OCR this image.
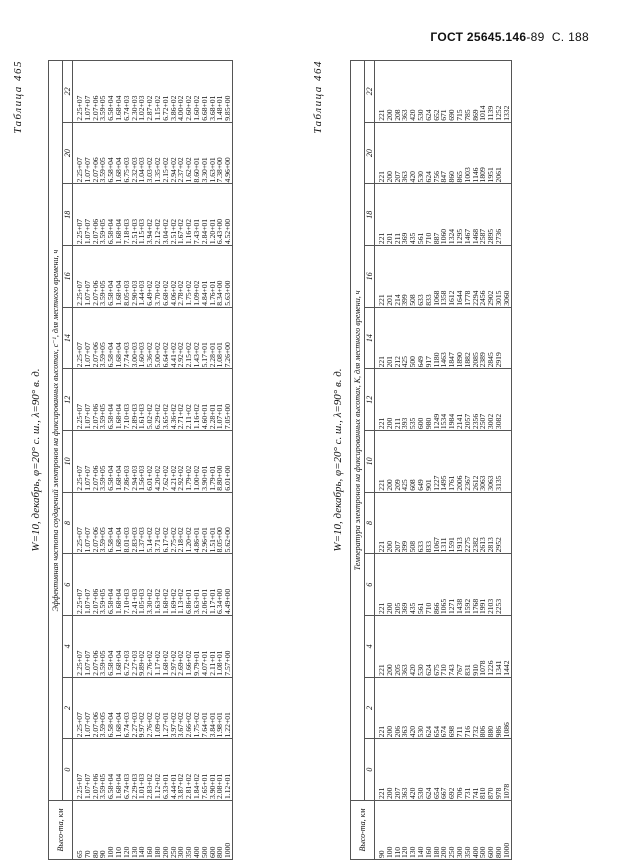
ГОСТ 25645.146-89 С. 188
Таблица 464
W=10, декабрь, φ=20° с. ш., λ=90° в. д.
Высо-та, км	Температура электронов на фиксированных высотах, К, для местного времени, ч											
	0	2	4	6	8	10	12	14	16	18	20	22
90	221	221	221	221	221	221	221	221	221	221	221	221
100	200	200	200	200	200	200	200	201	201	201	200	200
110	207	206	205	205	207	209	211	212	214	211	207	208
120	363	363	363	369	399	425	393	425	399	369	363	363
130	420	420	420	435	508	608	535	500	508	435	420	420
140	530	530	530	561	633	649	600	649	633	561	530	530
160	624	624	624	710	833	901	980	917	833	710	624	624
180	654	654	675	866	1067	1227	1249	1180	1068	887	756	652
200	667	674	710	1065	1311	1495	1534	1463	1358	1060	847	671
250	692	698	743	1271	1591	1761	1984	1847	1612	1324	860	690
300	706	711	767	1438	1913	2006	2141	1890	1644	1295	865	715
350	731	716	831	1592	2275	2367	2057	1882	1778	1467	1003	785
400	741	732	910	1768	2382	2612	2356	2085	2294	1468	1146	869
500	810	806	1078	1991	2613	3063	2507	2389	2456	2587	1809	1014
600	870	880	1226	2103	2813	3063	3002	2845	2902	2895	1951	1139
800	978	986	1341	2253	2952	3135	3082	2919	3015	2736	2061	1252
1000	1078	1086	1442						3060			1332
Таблица 465
W=10, декабрь, φ=20° с. ш., λ=90° в. д.
Высо-та, км	Эффективная частота соударений электронов на фиксированных высотах, с⁻¹, для местного времени, ч											
	0	2	4	6	8	10	12	14	16	18	20	22
65	2.25+07	2.25+07	2.25+07	2.25+07	2.25+07	2.25+07	2.25+07	2.25+07	2.25+07	2.25+07	2.25+07	2.25+07
70	1.07+07	1.07+07	1.07+07	1.07+07	1.07+07	1.07+07	1.07+07	1.07+07	1.07+07	1.07+07	1.07+07	1.07+07
80	2.07+06	2.07+06	2.07+06	2.07+06	2.07+06	2.07+06	2.07+06	2.07+06	2.07+06	2.07+06	2.07+06	2.07+06
90	3.59+05	3.59+05	3.59+05	3.59+05	3.59+05	3.59+05	3.59+05	3.59+05	3.59+05	3.59+05	3.59+05	3.59+05
100	6.58+04	6.58+04	6.58+04	6.58+04	6.58+04	6.58+04	6.58+04	6.58+04	6.58+04	6.58+04	6.58+04	6.58+04
110	1.68+04	1.68+04	1.68+04	1.68+04	1.68+04	1.68+04	1.68+04	1.68+04	1.68+04	1.68+04	1.68+04	1.68+04
120	6.74+03	6.74+03	6.72+03	7.10+03	8.01+03	7.86+03	7.10+03	7.74+03	8.05+03	7.18+03	6.75+03	6.74+03
130	2.29+03	2.27+03	2.27+03	2.41+03	2.83+03	2.94+03	2.89+03	3.00+03	2.90+03	2.51+03	2.32+03	2.30+03
140	1.01+03	9.97+02	9.89+02	1.05+03	1.37+03	1.56+03	1.61+03	1.60+03	1.44+03	1.15+03	1.04+03	1.02+03
160	2.83+02	2.76+02	2.76+02	3.30+02	5.14+02	6.01+02	5.02+02	5.36+02	6.49+02	3.94+02	3.03+02	2.87+02
180	1.12+02	1.09+02	1.17+02	1.63+02	3.71+02	4.20+02	6.29+02	5.00+02	3.70+02	2.12+02	1.35+02	1.15+02
200	6.33+01	1.27+01	1.68+02	1.68+02	6.17+02	7.62+02	3.65+02	6.64+02	6.68+02	3.04+02	2.15+02	6.72+01
250	4.44+01	3.97+02	2.97+02	1.69+02	2.75+02	4.21+02	4.36+02	4.41+02	4.06+02	2.51+02	2.94+02	3.86+02
300	3.87+02	3.67+02	2.69+02	1.13+02	2.18+02	2.92+02	2.71+02	2.92+02	2.78+02	1.67+02	2.37+02	4.00+02
350	2.81+02	2.66+02	1.66+02	6.86+01	1.20+02	1.79+02	2.11+02	2.15+02	1.75+02	1.16+02	1.62+02	2.60+02
400	1.84+02	1.75+02	9.79+01	3.63+01	4.86+01	1.00+02	1.16+02	1.43+02	1.09+02	7.43+01	8.60+01	1.60+02
500	7.65+01	7.64+01	4.07+01	2.06+01	2.96+01	3.90+01	4.60+01	5.17+01	4.84+01	2.84+01	3.30+01	6.68+01
600	3.90+01	3.84+01	2.11+01	1.17+01	1.51+01	1.79+01	2.28+01	2.28+01	1.76+01	1.20+01	1.63+01	3.68+01
800	2.08+01	1.98+01	1.08+01	6.34+00	8.05+00	8.80+00	1.07+01	1.08+01	8.34+00	6.43+00	7.38+00	1.48+01
1000	1.12+01	1.22+01	7.57+00	4.49+00	5.62+00	6.01+00	7.05+00	7.26+00	5.63+00	4.52+00	4.96+00	9.85+00
